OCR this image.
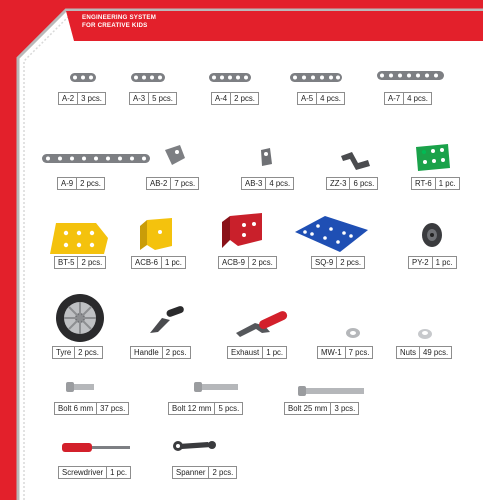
ENGINEERING SYSTEM
FOR CREATIVE KIDS
A-2 3 pcs.	A-3 5 pcs.	A-4 2 pcs.	A-5 4 pcs.	A-7 4 pcs.
A-9 2 pcs.	AB-2 7 pcs.	AB-3 4 pcs.	ZZ-3 6 pcs.	RT-6 1 pc.
BT-5 2 pcs.	ACB-6 1 pc.	ACB-9 2 pcs.	SQ-9 2 pcs.	PY-2 1 pc.
Tyre 2 pcs.	Handle 2 pcs.	Exhaust 1 pc.	MW-1 7 pcs.	Nuts 49 pcs.
Bolt 6 mm 37 pcs.	Bolt 12 mm 5 pcs.	Bolt 25 mm 3 pcs.
Screwdriver 1 pc.	Spanner 2 pcs.
